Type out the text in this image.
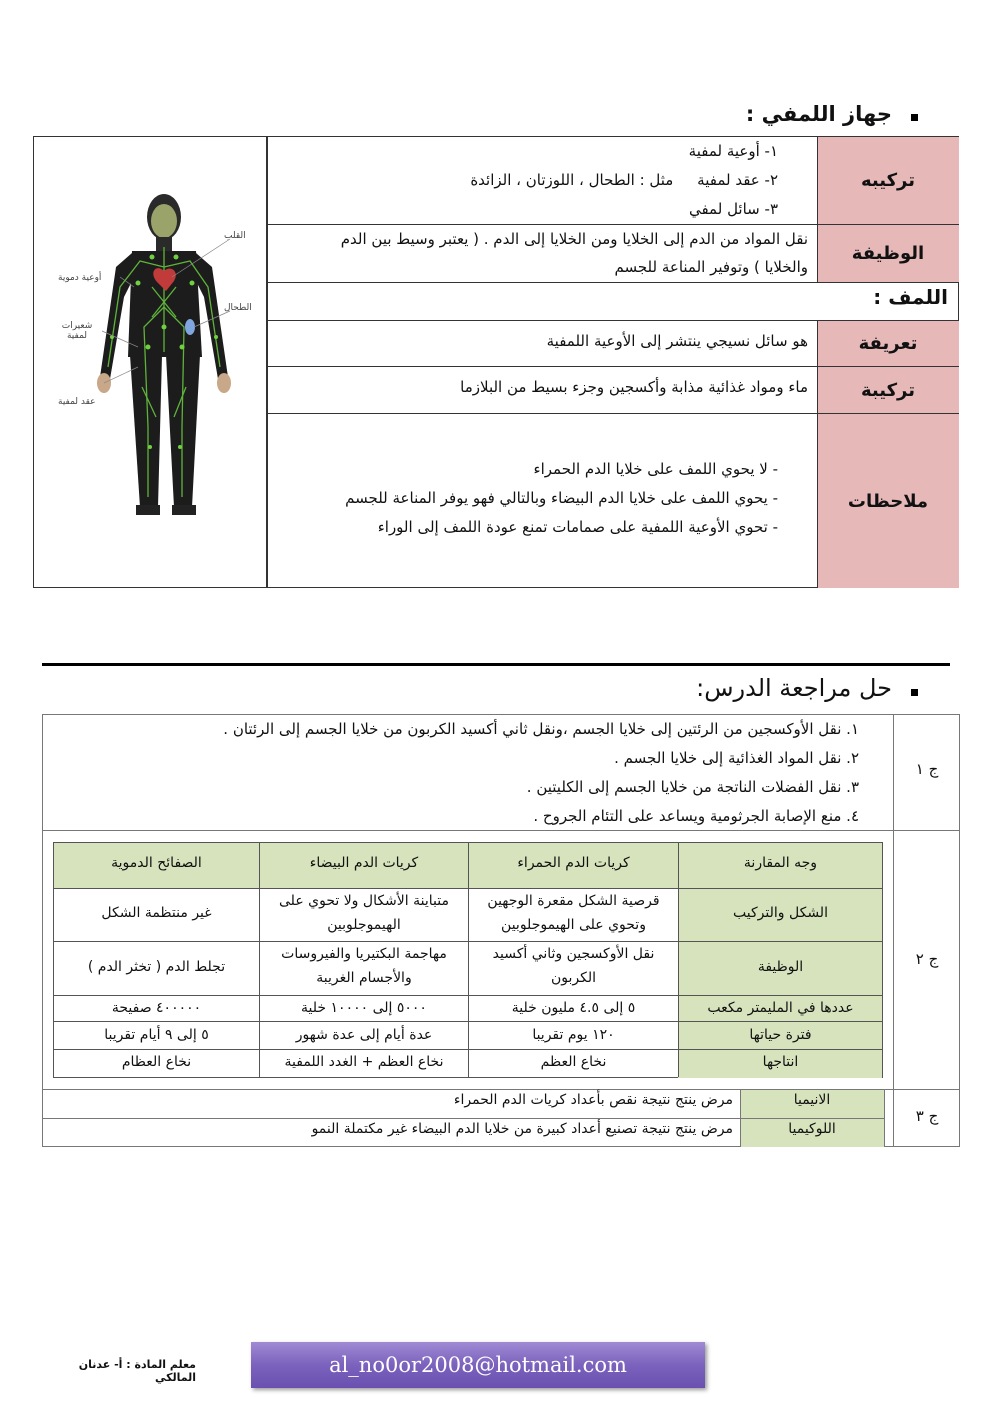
جهاز اللمفي :
تركيبه
الوظيفة
تعريفة
تركيبة
ملاحظات
١- أوعية لمفية
٢- عقد لمفية     مثل : الطحال ، اللوزتان ، الزائدة
٣- سائل لمفي
نقل المواد من الدم إلى الخلايا ومن الخلايا إلى الدم . ( يعتبر وسيط بين الدم
والخلايا ) وتوفير المناعة للجسم
اللمف :
هو سائل نسيجي ينتشر إلى الأوعية اللمفية
ماء ومواد غذائية مذابة وأكسجين وجزء بسيط من البلازما
- لا يحوي اللمف على خلايا الدم الحمراء
- يحوي اللمف على خلايا الدم البيضاء وبالتالي فهو يوفر المناعة للجسم
- تحوي الأوعية اللمفية على صمامات تمنع عودة اللمف إلى الوراء
القلب
أوعية دموية
الطحال
شعيرات لمفية
عقد لمفية
حل مراجعة الدرس:
ج ١
ج ٢
ج ٣
١. نقل الأوكسجين من الرئتين إلى خلايا الجسم ،ونقل ثاني أكسيد الكربون من خلايا الجسم إلى الرئتان .
٢. نقل المواد الغذائية إلى خلايا الجسم .
٣. نقل الفضلات الناتجة من خلايا الجسم إلى الكليتين .
٤. منع الإصابة الجرثومية ويساعد على التئام الجروح .
الانيميا
مرض ينتج نتيجة نقص بأعداد كريات الدم الحمراء
اللوكيميا
مرض ينتج نتيجة تصنيع أعداد كبيرة من خلايا الدم البيضاء غير مكتملة النمو
وجه المقارنة
كريات الدم الحمراء
كريات الدم البيضاء
الصفائح الدموية
الشكل والتركيب
قرصية الشكل مقعرة الوجهين
وتحوي على الهيموجلوبين
متباينة الأشكال ولا تحوي على
الهيموجلوبين
غير منتظمة الشكل
الوظيفة
نقل الأوكسجين وثاني أكسيد
الكربون
مهاجمة البكتيريا والفيروسات
والأجسام الغريبة
تجلط الدم ( تخثر الدم )
عددها في المليمتر مكعب
٥ إلى ٤.٥ مليون خلية
٥٠٠٠ إلى ١٠٠٠٠ خلية
٤٠٠٠٠٠ صفيحة
فترة حياتها
١٢٠ يوم تقريبا
عدة أيام إلى عدة شهور
٥ إلى ٩ أيام تقريبا
انتاجها
نخاع العظم
نخاع العظم + الغدد اللمفية
نخاع العظام
معلم المادة : أ- عدنان المالكي
al_no0or2008@hotmail.com
